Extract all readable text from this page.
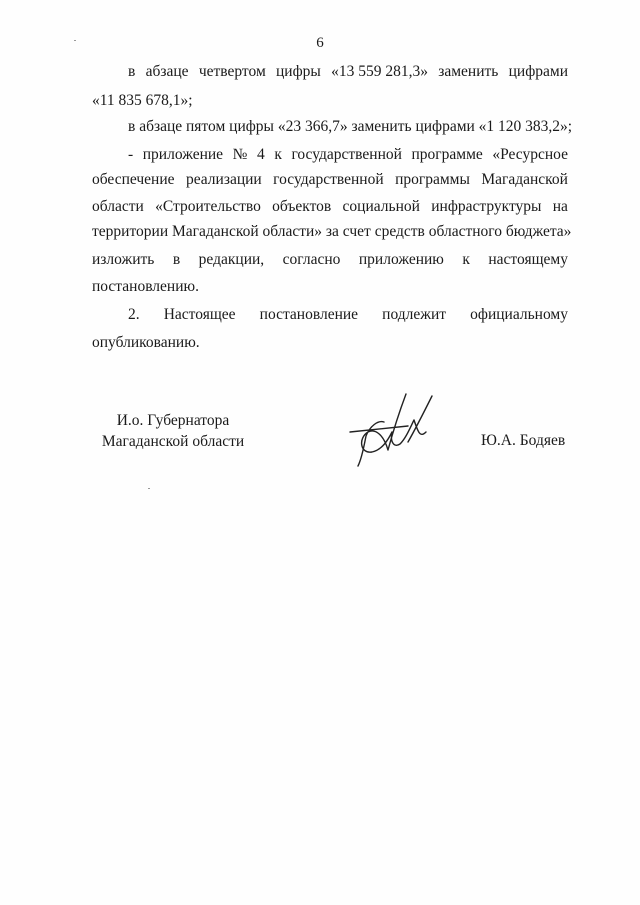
6
в абзаце четвертом цифры «13 559 281,3» заменить цифрами
«11 835 678,1»;
в абзаце пятом цифры «23 366,7» заменить цифрами «1 120 383,2»;
- приложение № 4 к государственной программе «Ресурсное
обеспечение реализации государственной программы Магаданской
области «Строительство объектов социальной инфраструктуры на
территории Магаданской области» за счет средств областного бюджета»
изложить в редакции, согласно приложению к настоящему
постановлению.
2. Настоящее постановление подлежит официальному
опубликованию.
И.о. Губернатора
Магаданской области	Ю.А. Бодяев
